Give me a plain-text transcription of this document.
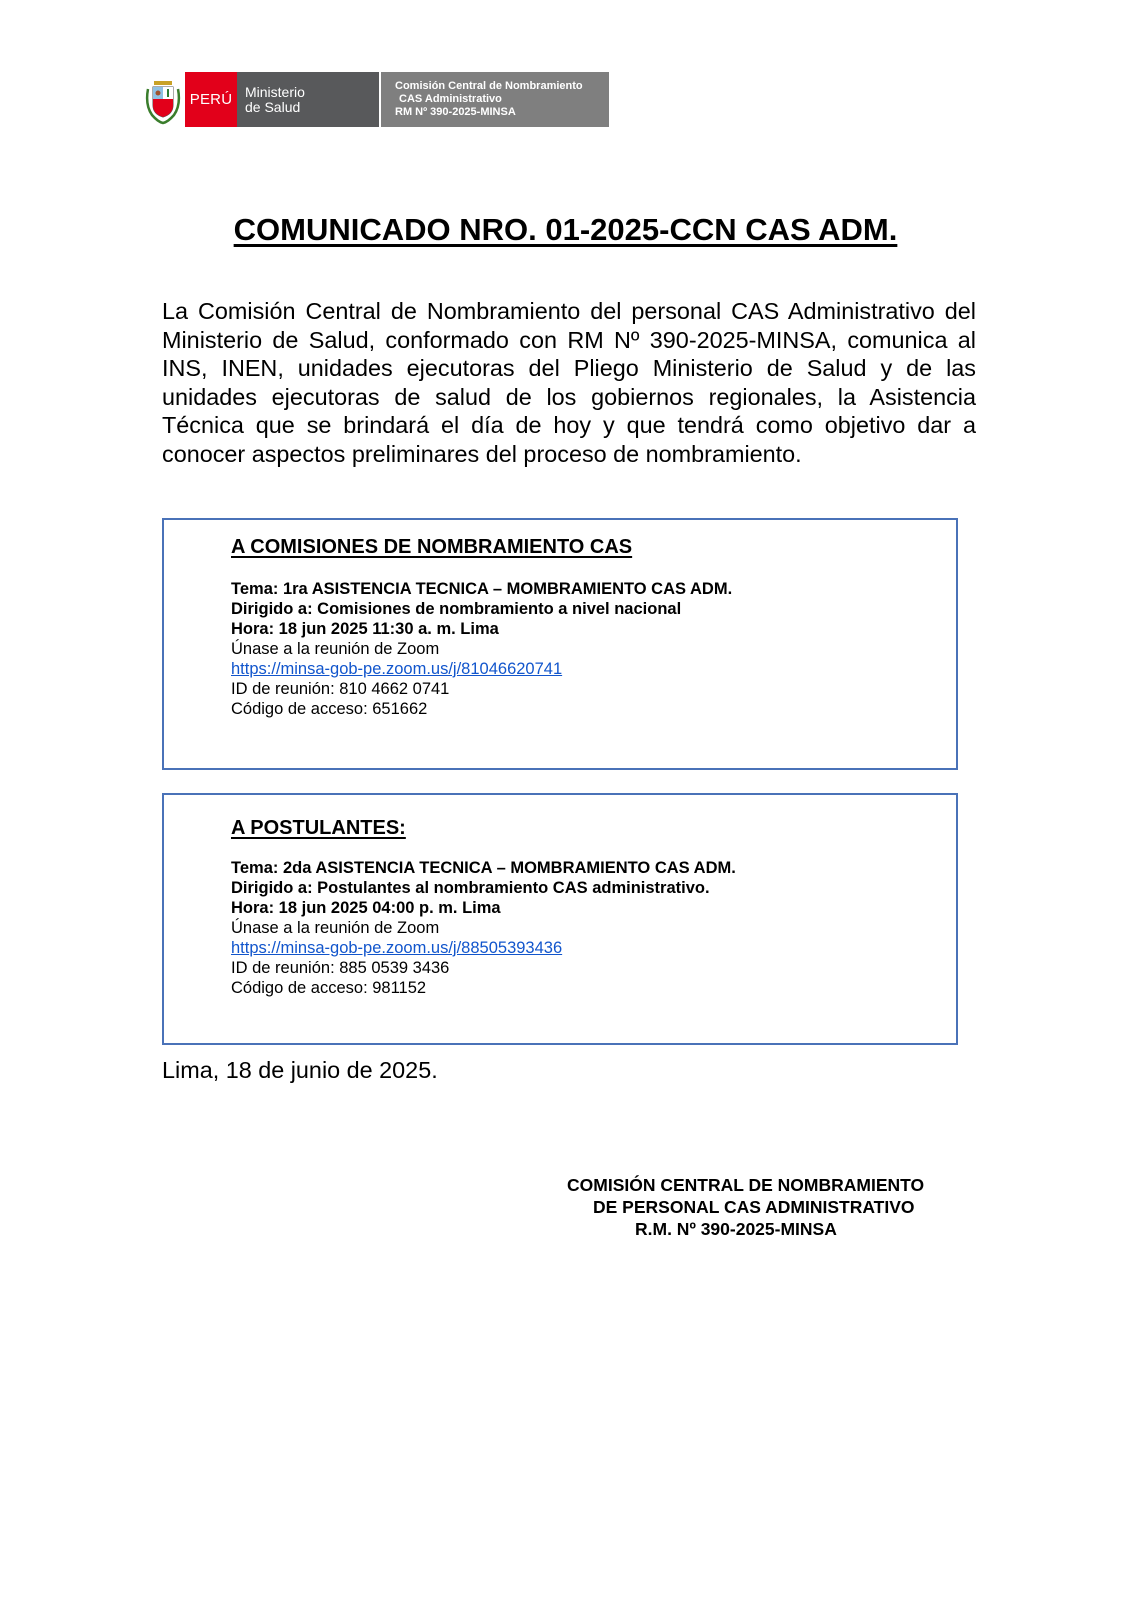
PERÚ Ministerio
de Salud
Comisión Central de Nombramiento
CAS Administrativo
RM Nº 390-2025-MINSA
COMUNICADO NRO. 01-2025-CCN CAS ADM.

La Comisión Central de Nombramiento del personal CAS Administrativo del Ministerio de Salud, conformado con RM Nº 390-2025-MINSA, comunica al INS, INEN, unidades ejecutoras del Pliego Ministerio de Salud y de las unidades ejecutoras de salud de los gobiernos regionales, la Asistencia Técnica que se brindará el día de hoy y que tendrá como objetivo dar a conocer aspectos preliminares del proceso de nombramiento.

A COMISIONES DE NOMBRAMIENTO CAS

Tema: 1ra ASISTENCIA TECNICA – MOMBRAMIENTO CAS ADM.
Dirigido a: Comisiones de nombramiento a nivel nacional
Hora: 18 jun 2025 11:30 a. m. Lima
Únase a la reunión de Zoom
https://minsa-gob-pe.zoom.us/j/81046620741
ID de reunión: 810 4662 0741
Código de acceso: 651662

A POSTULANTES:

Tema: 2da ASISTENCIA TECNICA – MOMBRAMIENTO CAS ADM.
Dirigido a: Postulantes al nombramiento CAS administrativo.
Hora: 18 jun 2025 04:00 p. m. Lima
Únase a la reunión de Zoom
https://minsa-gob-pe.zoom.us/j/88505393436
ID de reunión: 885 0539 3436
Código de acceso: 981152
Lima, 18 de junio de 2025.
COMISIÓN CENTRAL DE NOMBRAMIENTO
DE PERSONAL CAS ADMINISTRATIVO
R.M. Nº 390-2025-MINSA
